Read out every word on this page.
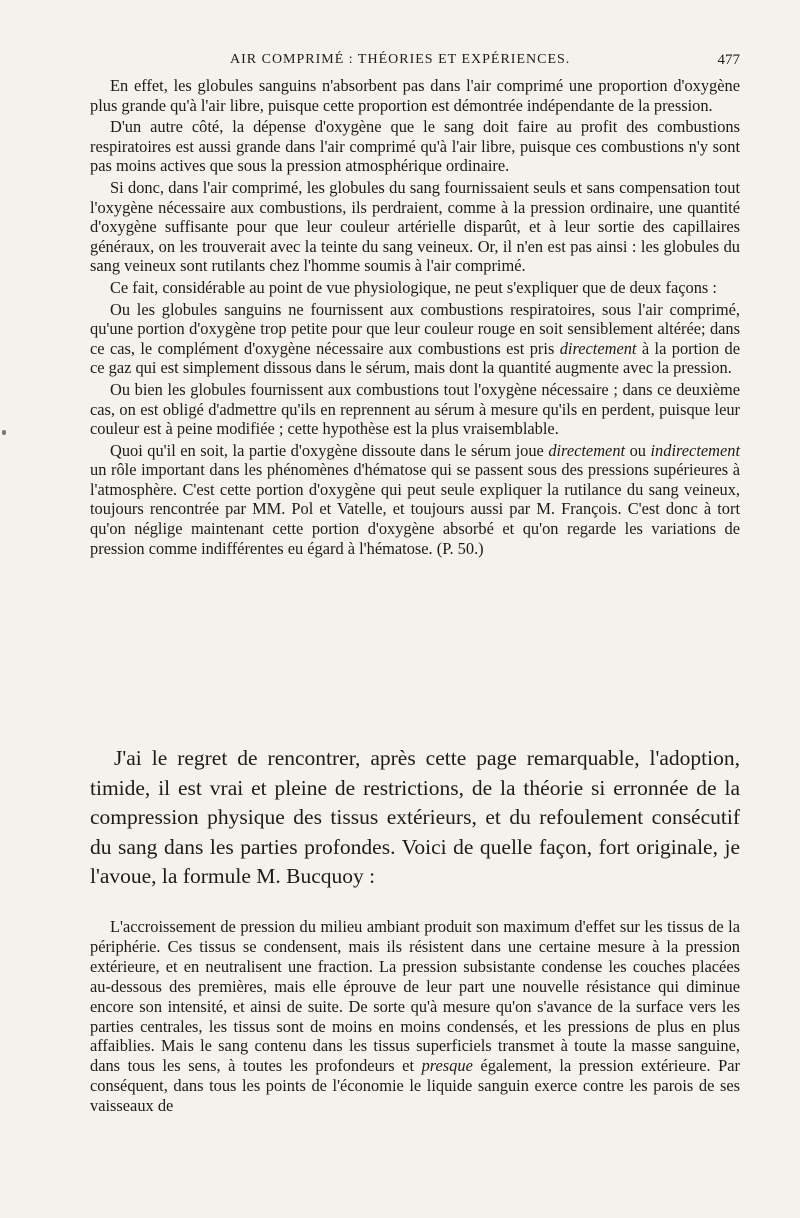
AIR COMPRIMÉ : THÉORIES ET EXPÉRIENCES.	477

En effet, les globules sanguins n'absorbent pas dans l'air comprimé une proportion d'oxygène plus grande qu'à l'air libre, puisque cette proportion est démontrée indépendante de la pression.

D'un autre côté, la dépense d'oxygène que le sang doit faire au profit des combustions respiratoires est aussi grande dans l'air comprimé qu'à l'air libre, puisque ces combustions n'y sont pas moins actives que sous la pression atmosphérique ordinaire.

Si donc, dans l'air comprimé, les globules du sang fournissaient seuls et sans compensation tout l'oxygène nécessaire aux combustions, ils perdraient, comme à la pression ordinaire, une quantité d'oxygène suffisante pour que leur couleur artérielle disparût, et à leur sortie des capillaires généraux, on les trouverait avec la teinte du sang veineux. Or, il n'en est pas ainsi : les globules du sang veineux sont rutilants chez l'homme soumis à l'air comprimé.

Ce fait, considérable au point de vue physiologique, ne peut s'expliquer que de deux façons :

Ou les globules sanguins ne fournissent aux combustions respiratoires, sous l'air comprimé, qu'une portion d'oxygène trop petite pour que leur couleur rouge en soit sensiblement altérée; dans ce cas, le complément d'oxygène nécessaire aux combustions est pris directement à la portion de ce gaz qui est simplement dissous dans le sérum, mais dont la quantité augmente avec la pression.

Ou bien les globules fournissent aux combustions tout l'oxygène nécessaire ; dans ce deuxième cas, on est obligé d'admettre qu'ils en reprennent au sérum à mesure qu'ils en perdent, puisque leur couleur est à peine modifiée ; cette hypothèse est la plus vraisemblable.

Quoi qu'il en soit, la partie d'oxygène dissoute dans le sérum joue directement ou indirectement un rôle important dans les phénomènes d'hématose qui se passent sous des pressions supérieures à l'atmosphère. C'est cette portion d'oxygène qui peut seule expliquer la rutilance du sang veineux, toujours rencontrée par MM. Pol et Vatelle, et toujours aussi par M. François. C'est donc à tort qu'on néglige maintenant cette portion d'oxygène absorbé et qu'on regarde les variations de pression comme indifférentes eu égard à l'hématose. (P. 50.)

J'ai le regret de rencontrer, après cette page remarquable, l'adoption, timide, il est vrai et pleine de restrictions, de la théorie si erronnée de la compression physique des tissus extérieurs, et du refoulement consécutif du sang dans les parties profondes. Voici de quelle façon, fort originale, je l'avoue, la formule M. Bucquoy :

L'accroissement de pression du milieu ambiant produit son maximum d'effet sur les tissus de la périphérie. Ces tissus se condensent, mais ils résistent dans une certaine mesure à la pression extérieure, et en neutralisent une fraction. La pression subsistante condense les couches placées au-dessous des premières, mais elle éprouve de leur part une nouvelle résistance qui diminue encore son intensité, et ainsi de suite. De sorte qu'à mesure qu'on s'avance de la surface vers les parties centrales, les tissus sont de moins en moins condensés, et les pressions de plus en plus affaiblies. Mais le sang contenu dans les tissus superficiels transmet à toute la masse sanguine, dans tous les sens, à toutes les profondeurs et presque également, la pression extérieure. Par conséquent, dans tous les points de l'économie le liquide sanguin exerce contre les parois de ses vaisseaux de
